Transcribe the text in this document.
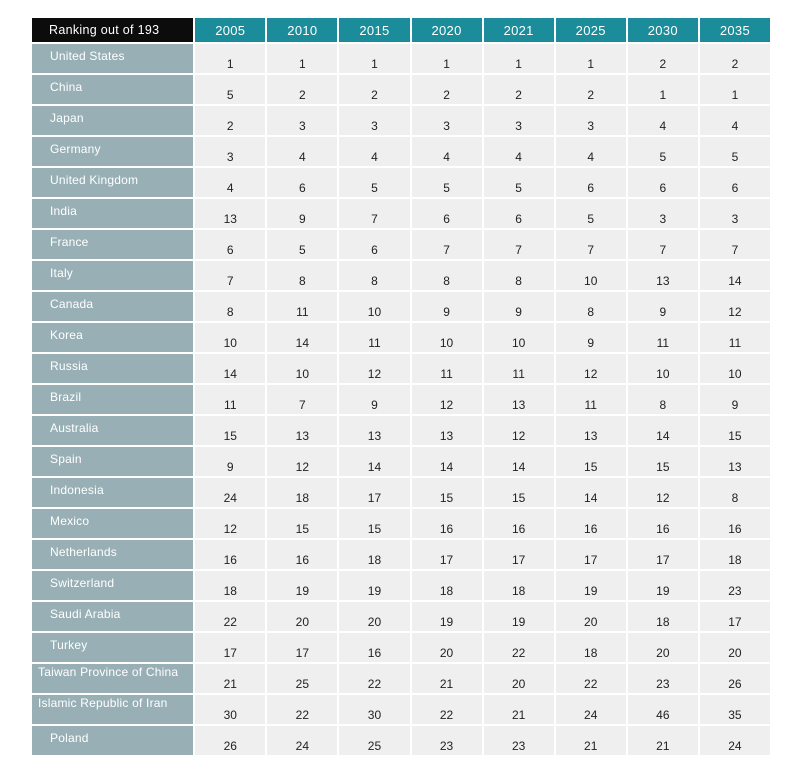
Ranking out of 193	2005	2010	2015	2020	2021	2025	2030	2035
United States	1	1	1	1	1	1	2	2
China	5	2	2	2	2	2	1	1
Japan	2	3	3	3	3	3	4	4
Germany	3	4	4	4	4	4	5	5
United Kingdom	4	6	5	5	5	6	6	6
India	13	9	7	6	6	5	3	3
France	6	5	6	7	7	7	7	7
Italy	7	8	8	8	8	10	13	14
Canada	8	11	10	9	9	8	9	12
Korea	10	14	11	10	10	9	11	11
Russia	14	10	12	11	11	12	10	10
Brazil	11	7	9	12	13	11	8	9
Australia	15	13	13	13	12	13	14	15
Spain	9	12	14	14	14	15	15	13
Indonesia	24	18	17	15	15	14	12	8
Mexico	12	15	15	16	16	16	16	16
Netherlands	16	16	18	17	17	17	17	18
Switzerland	18	19	19	18	18	19	19	23
Saudi Arabia	22	20	20	19	19	20	18	17
Turkey	17	17	16	20	22	18	20	20
Taiwan Province of China	21	25	22	21	20	22	23	26
Islamic Republic of Iran	30	22	30	22	21	24	46	35
Poland	26	24	25	23	23	21	21	24
